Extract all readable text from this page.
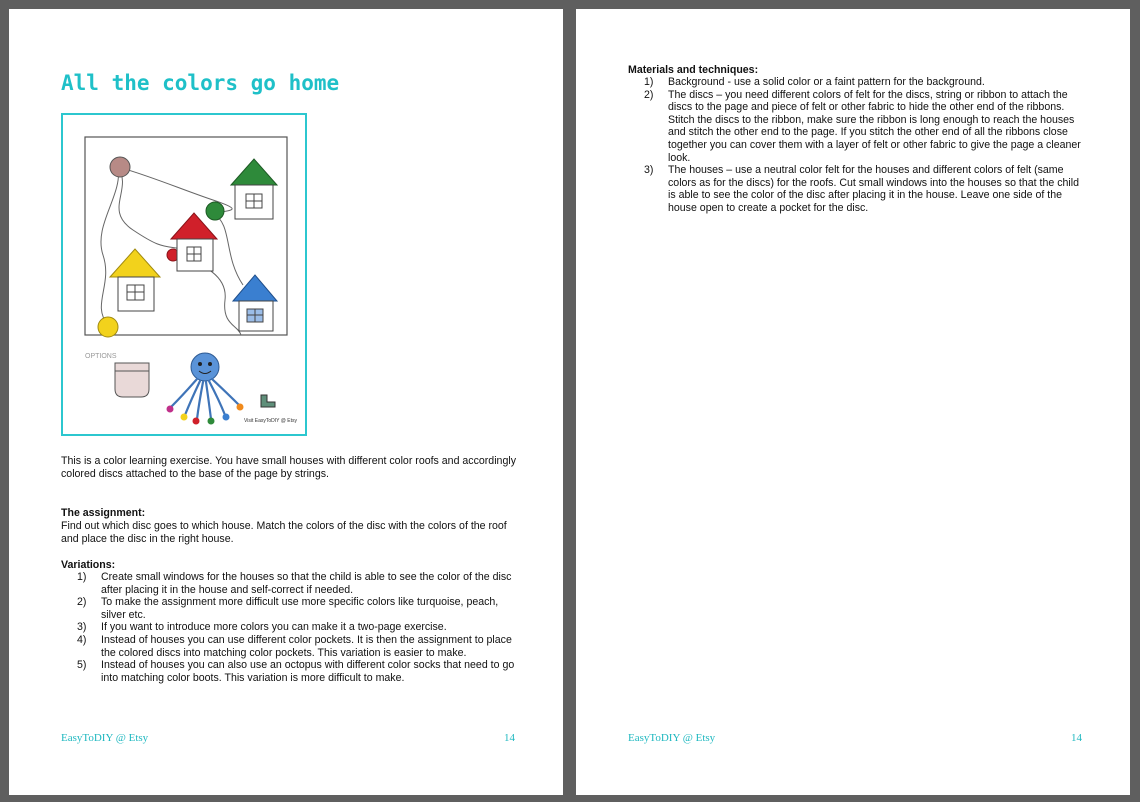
All the colors go home
OPTIONS
Visit EasyToDIY @ Etsy

This is a color learning exercise. You have small houses with different color roofs and accordingly colored discs attached to the base of the page by strings.

The assignment:

Find out which disc goes to which house. Match the colors of the disc with the colors of the roof and place the disc in the right house.

Variations:
1) Create small windows for the houses so that the child is able to see the color of the disc after placing it in the house and self-correct if needed.
2) To make the assignment more difficult use more specific colors like turquoise, peach, silver etc.
3) If you want to introduce more colors you can make it a two-page exercise.
4) Instead of houses you can use different color pockets. It is then the assignment to place the colored discs into matching color pockets. This variation is easier to make.
5) Instead of houses you can also use an octopus with different color socks that need to go into matching color boots. This variation is more difficult to make.
EasyToDIY @ Etsy	14
Materials and techniques:
1) Background - use a solid color or a faint pattern for the background.
2) The discs – you need different colors of felt for the discs, string or ribbon to attach the discs to the page and piece of felt or other fabric to hide the other end of the ribbons. Stitch the discs to the ribbon, make sure the ribbon is long enough to reach the houses and stitch the other end to the page. If you stitch the other end of all the ribbons close together you can cover them with a layer of felt or other fabric to give the page a cleaner look.
3) The houses – use a neutral color felt for the houses and different colors of felt (same colors as for the discs) for the roofs. Cut small windows into the houses so that the child is able to see the color of the disc after placing it in the house. Leave one side of the house open to create a pocket for the disc.
EasyToDIY @ Etsy	14
